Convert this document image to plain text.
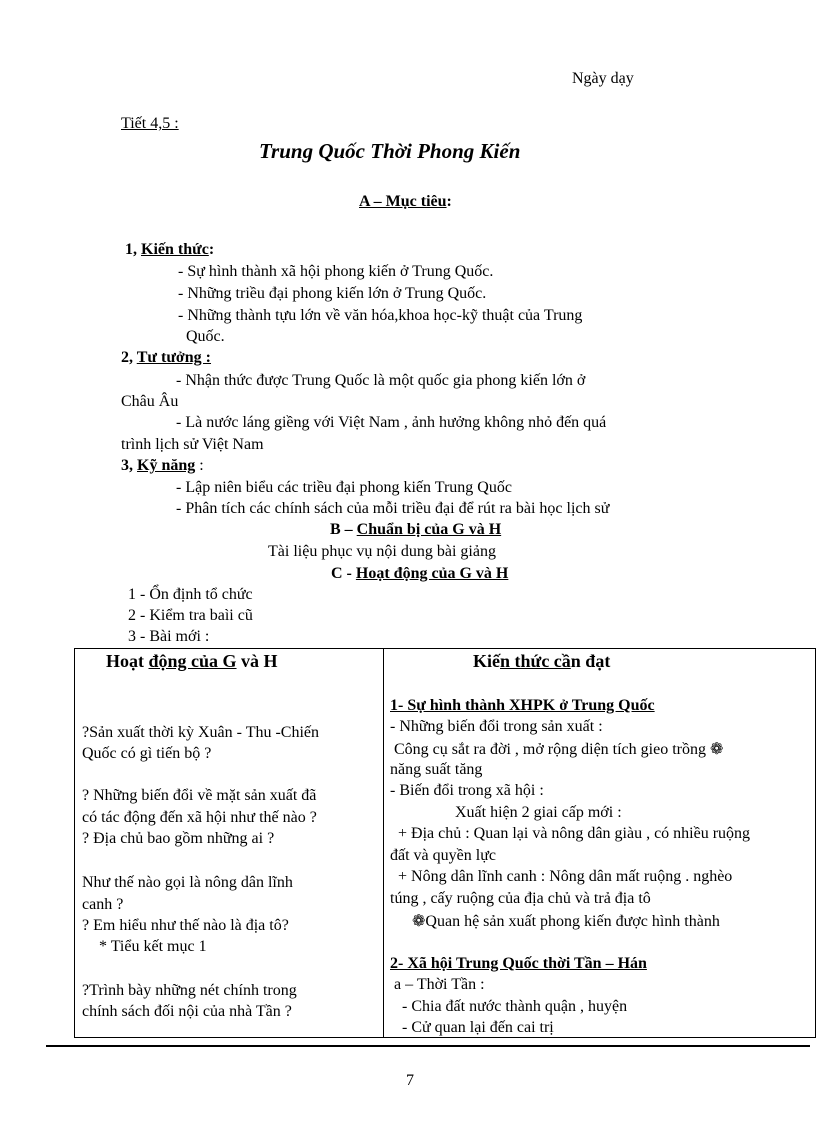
Ngày dạy
Tiết 4,5 :
Trung Quốc Thời Phong Kiến
A – Mục tiêu:
1, Kiến thức:
- Sự hình thành xã hội phong kiến ở Trung Quốc.
- Những triều đại phong kiến lớn ở Trung Quốc.
- Những thành tựu lớn về văn hóa,khoa học-kỹ thuật của Trung
Quốc.
2, Tư tưởng :
- Nhận thức được Trung Quốc là một quốc gia phong kiến lớn ở
Châu Âu
- Là nước láng giềng với Việt Nam , ảnh hưởng không nhỏ đến quá
trình lịch sử Việt Nam
3, Kỹ năng :
- Lập niên biểu các triều đại phong kiến Trung Quốc
- Phân tích các chính sách của mỗi triều đại để rút ra bài học lịch sử
B – Chuẩn bị của G và H
Tài liệu phục vụ nội dung bài giảng
C - Hoạt động của G và H
1 - Ổn định tổ chức
2 - Kiểm tra baìi cũ
3 - Bài mới :
Hoạt động của G và H	Kiến thức cần đạt
?Sản xuất thời kỳ Xuân - Thu -Chiến
Quốc có gì tiến bộ ?
? Những biến đổi về mặt sản xuất đã
có tác động đến xã hội như thế nào ?
? Địa chủ bao gồm những ai ?
Như thế nào gọi là nông dân lĩnh
canh ?
? Em hiểu như thế nào là địa tô?
* Tiểu kết mục 1
?Trình bày những nét chính trong
chính sách đối nội của nhà Tần ?
1- Sự hình thành XHPK ở Trung Quốc
- Những biến đổi trong sản xuất :
Công cụ sắt ra đời , mở rộng diện tích gieo trồng ❁
năng suất tăng
- Biến đổi trong xã hội :
Xuất hiện 2 giai cấp mới :
+ Địa chủ : Quan lại và nông dân giàu , có nhiều ruộng
đất và quyền lực
+ Nông dân lĩnh canh : Nông dân mất ruộng . nghèo
túng , cấy ruộng của địa chủ và trả địa tô
❁Quan hệ sản xuất phong kiến được hình thành
2- Xã hội Trung Quốc thời Tần – Hán
a – Thời Tần :
- Chia đất nước thành quận , huyện
- Cử quan lại đến cai trị
7
